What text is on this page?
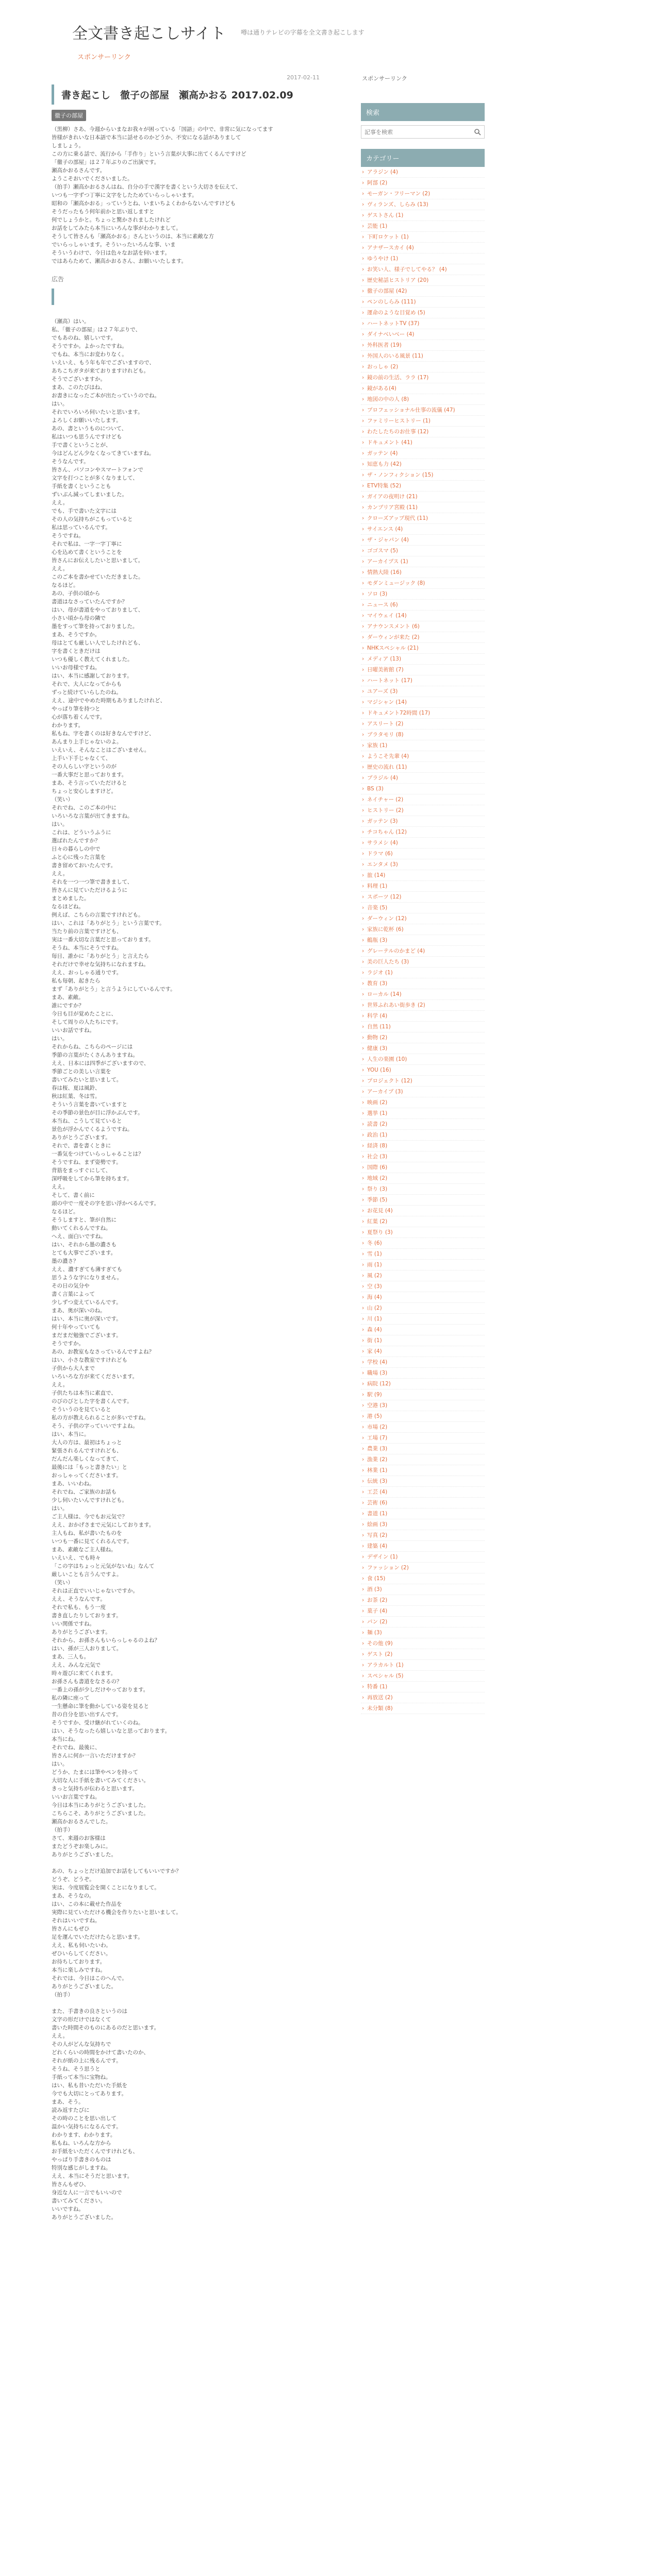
全文書き起こしサイト 噂は通りテレビの字幕を全文書き起こします
スポンサーリンク
2017-02-11
書き起こし　徹子の部屋　瀬高かおる 2017.02.09
徹子の部屋

（黒柳）さあ、今週からいまなお我々が困っている「国語」の中で、非常に気になってます

皆様がきれいな日本語で本当に話せるのかどうか、不安になる話がありまして

しましょう。

この方に乗る話で、流行から「手作り」という言葉が大事に出てくるんですけど

「徹子の部屋」は２７年ぶりのご出演です。

瀬高かおるさんです。

ようこそおいでくださいました。

（拍手）瀬高かおるさんはね、自分の手で漢字を書くという大切さを伝えて、

いつも一字ずつ丁寧に文字をしたためていらっしゃいます。

昭和の「瀬高かおる」っていうとね、いまいちよくわからないんですけども

そうだったもう何年前かと思い返しますと

何でしょうかと。ちょっと驚かされましたけれど

お話をしてみたら本当にいろんな事がわかりまして。

そうして皆さんも「瀬高かおる」さんというのは、本当に素敵な方

でいらっしゃいます。そういったいろんな事、いま

そういうわけで、今日は色々なお話を伺います。

ではあらためて、瀬高かおるさん、お願いいたします。

広告

（瀬高）はい。

私、「徹子の部屋」は２７年ぶりで、

でもあのね、嬉しいです。

そうですか。よかったですね。

でもね、本当にお変わりなく。

いえいえ、もう年も年でございますので、

あちこちガタが来ておりますけれども。

そうでございますか。

まあ、このたびはね、

お書きになったご本が出たっていうのでね。

はい。

それでいろいろ伺いたいと思います。

よろしくお願いいたします。

あの、書というものについて、

私はいつも思うんですけども

手で書くということが、

今はどんどん少なくなってきていますね。

そうなんです。

皆さん、パソコンやスマートフォンで

文字を打つことが多くなりまして、

手紙を書くということも

ずいぶん減ってしまいました。

ええ。

でも、手で書いた文字には

その人の気持ちがこもっていると

私は思っているんです。

そうですね。

それで私は、一字一字丁寧に

心を込めて書くということを

皆さんにお伝えしたいと思いまして。

ええ。

このご本を書かせていただきました。

なるほど。

あの、子供の頃から

書道はなさっていたんですか？

はい、母が書道をやっておりまして、

小さい頃から母の隣で

墨をすって筆を持っておりました。

まあ、そうですか。

母はとても厳しい人でしたけれども、

字を書くときだけは

いつも優しく教えてくれました。

いいお母様ですね。

はい、本当に感謝しております。

それで、大人になってからも

ずっと続けていらしたのね。

ええ、途中でやめた時期もありましたけれど、

やっぱり筆を持つと

心が落ち着くんです。

わかります。

私もね、字を書くのは好きなんですけど、

あんまり上手じゃないのよ。

いえいえ、そんなことはございません。

上手い下手じゃなくて、

その人らしい字というのが

一番大事だと思っております。

まあ、そう言っていただけると

ちょっと安心しますけど。

（笑い）

それでね、このご本の中に

いろいろな言葉が出てきますね。

はい。

これは、どういうふうに

選ばれたんですか？

日々の暮らしの中で

ふと心に残った言葉を

書き留めておいたんです。

ええ。

それを一つ一つ筆で書きまして、

皆さんに見ていただけるように

まとめました。

なるほどね。

例えば、こちらの言葉ですけれども。

はい、これは「ありがとう」という言葉です。

当たり前の言葉ですけども、

実は一番大切な言葉だと思っております。

そうね、本当にそうですね。

毎日、誰かに「ありがとう」と言えたら

それだけで幸せな気持ちになれますね。

ええ、おっしゃる通りです。

私も毎朝、起きたら

まず「ありがとう」と言うようにしているんです。

まあ、素敵。

誰にですか？

今日も目が覚めたことに、

そして周りの人たちにです。

いいお話ですね。

はい。

それからね、こちらのページには

季節の言葉がたくさんありますね。

ええ、日本には四季がございますので、

季節ごとの美しい言葉を

書いてみたいと思いまして。

春は桜、夏は風鈴、

秋は紅葉、冬は雪。

そういう言葉を書いていますと

その季節の景色が目に浮かぶんです。

本当ね、こうして見ていると

景色が浮かんでくるようですね。

ありがとうございます。

それで、書を書くときに

一番気をつけていらっしゃることは？

そうですね、まず姿勢です。

背筋をまっすぐにして、

深呼吸をしてから筆を持ちます。

ええ。

そして、書く前に

頭の中で一度その字を思い浮かべるんです。

なるほど。

そうしますと、筆が自然に

動いてくれるんですね。

へえ、面白いですね。

はい、それから墨の濃さも

とても大事でございます。

墨の濃さ？

ええ、濃すぎても薄すぎても

思うような字になりません。

その日の気分や

書く言葉によって

少しずつ変えているんです。

まあ、奥が深いのね。

はい、本当に奥が深いです。

何十年やっていても

まだまだ勉強でございます。

そうですか。

あの、お教室もなさっているんですよね？

はい、小さな教室ですけれども

子供から大人まで

いろいろな方が来てくださいます。

ええ。

子供たちは本当に素直で、

のびのびとした字を書くんです。

そういうのを見ていると

私の方が教えられることが多いですね。

そう、子供の字っていいですよね。

はい、本当に。

大人の方は、最初はちょっと

緊張されるんですけれども、

だんだん楽しくなってきて、

最後には「もっと書きたい」と

おっしゃってくださいます。

まあ、いいわね。

それでね、ご家族のお話も

少し伺いたいんですけれども。

はい。

ご主人様は、今でもお元気で？

ええ、おかげさまで元気にしております。

主人もね、私が書いたものを

いつも一番に見てくれるんです。

まあ、素敵なご主人様ね。

いえいえ、でも時々

「この字はちょっと元気がないね」なんて

厳しいことも言うんですよ。

（笑い）

それは正直でいいじゃないですか。

ええ、そうなんです。

それで私も、もう一度

書き直したりしております。

いい関係ですね。

ありがとうございます。

それから、お孫さんもいらっしゃるのよね？

はい、孫が三人おりまして。

まあ、三人も。

ええ、みんな元気で

時々遊びに来てくれます。

お孫さんも書道をなさるの？

一番上の孫が少しだけやっております。

私の隣に座って

一生懸命に筆を動かしている姿を見ると

昔の自分を思い出すんです。

そうですか、受け継がれていくのね。

はい、そうなったら嬉しいなと思っております。

本当にね。

それでね、最後に、

皆さんに何か一言いただけますか？

はい。

どうか、たまには筆やペンを持って

大切な人に手紙を書いてみてください。

きっと気持ちが伝わると思います。

いいお言葉ですね。

今日は本当にありがとうございました。

こちらこそ、ありがとうございました。

瀬高かおるさんでした。

（拍手）

さて、来週のお客様は

またどうぞお楽しみに。

ありがとうございました。

あの、ちょっとだけ追加でお話をしてもいいですか？

どうぞ、どうぞ。

実は、今度展覧会を開くことになりまして。

まあ、そうなの。

はい、この本に載せた作品を

実際に見ていただける機会を作りたいと思いまして。

それはいいですね。

皆さんにもぜひ

足を運んでいただけたらと思います。

ええ、私も伺いたいわ。

ぜひいらしてください。

お待ちしております。

本当に楽しみですね。

それでは、今日はこのへんで。

ありがとうございました。

（拍手）

また、手書きの良さというのは

文字の形だけではなくて

書いた時間そのものにあるのだと思います。

ええ。

その人がどんな気持ちで

どれくらいの時間をかけて書いたのか、

それが紙の上に残るんです。

そうね、そう思うと

手紙って本当に宝物ね。

はい、私も昔いただいた手紙を

今でも大切にとってあります。

まあ、そう。

読み返すたびに

その時のことを思い出して

温かい気持ちになるんです。

わかります、わかります。

私もね、いろんな方から

お手紙をいただくんですけれども、

やっぱり手書きのものは

特別な感じがしますね。

ええ、本当にそうだと思います。

皆さんもぜひ、

身近な人に一言でもいいので

書いてみてください。

いいですね。

ありがとうございました。

スポンサーリンク
検索
記事を検索
カテゴリー
› アラジン (4)
› 阿部 (2)
› モーガン・フリーマン (2)
› ヴィランズ、しらみ (13)
› ゲストさん (1)
› 芸能 (1)
› 下町ロケット (1)
› アナザースカイ (4)
› ゆうやけ (1)
› お笑い人、様子でしてやる？ (4)
› 歴史秘話ヒストリア (20)
› 徹子の部屋 (42)
› ペンのしらみ (111)
› 運命のような目覚め (5)
› ハートネットTV (37)
› ダイナべいべー (4)
› 外科医者 (19)
› 外国人のいる風景 (11)
› おっしゃ (2)
› 鏡の前の生活、ララ (17)
› 鏡がある(4)
› 地図の中の人 (8)
› プロフェッショナル仕事の流儀 (47)
› ファミリーヒストリー (1)
› わたしたちのお仕事 (12)
› ドキュメント (41)
› ガッテン (4)
› 知恵も力 (42)
› ザ・ノンフィクション (15)
› ETV特集 (52)
› ガイアの夜明け (21)
› カンブリア宮殿 (11)
› クローズアップ現代 (11)
› サイエンス (4)
› ザ・ジャパン (4)
› ゴゴスマ (5)
› アーカイブス (1)
› 情熱大陸 (16)
› モダンミュージック (8)
› ソロ (3)
› ニュース (6)
› マイウェイ (14)
› アナウンスメント (6)
› ダーウィンが来た (2)
› NHKスペシャル (21)
› メディア (13)
› 日曜美術館 (7)
› ハートネット (17)
› ユアーズ (3)
› マジシャン (14)
› ドキュメント72時間 (17)
› アスリート (2)
› ブラタモリ (8)
› 家族 (1)
› ようこそ先輩 (4)
› 歴史の流れ (11)
› ブラジル (4)
› BS (3)
› ネイチャー (2)
› ヒストリー (2)
› ガッテン (3)
› チコちゃん (12)
› サラメシ (4)
› ドラマ (6)
› エンタメ (3)
› 旅 (14)
› 料理 (1)
› スポーツ (12)
› 音楽 (5)
› ダーウィン (12)
› 家族に乾杯 (6)
› 鶴瓶 (3)
› グレーテルのかまど (4)
› 美の巨人たち (3)
› ラジオ (1)
› 教育 (3)
› ローカル (14)
› 世界ふれあい街歩き (2)
› 科学 (4)
› 自然 (11)
› 動物 (2)
› 健康 (3)
› 人生の楽園 (10)
› YOU (16)
› プロジェクト (12)
› アーカイブ (3)
› 映画 (2)
› 選挙 (1)
› 読書 (2)
› 政治 (1)
› 経済 (8)
› 社会 (3)
› 国際 (6)
› 地域 (2)
› 祭り (3)
› 季節 (5)
› お花見 (4)
› 紅葉 (2)
› 夏祭り (3)
› 冬 (6)
› 雪 (1)
› 雨 (1)
› 風 (2)
› 空 (3)
› 海 (4)
› 山 (2)
› 川 (1)
› 森 (4)
› 街 (1)
› 家 (4)
› 学校 (4)
› 職場 (3)
› 病院 (12)
› 駅 (9)
› 空港 (3)
› 港 (5)
› 市場 (2)
› 工場 (7)
› 農業 (3)
› 漁業 (2)
› 林業 (1)
› 伝統 (3)
› 工芸 (4)
› 芸術 (6)
› 書道 (1)
› 絵画 (3)
› 写真 (2)
› 建築 (4)
› デザイン (1)
› ファッション (2)
› 食 (15)
› 酒 (3)
› お茶 (2)
› 菓子 (4)
› パン (2)
› 麺 (3)
› その他 (9)
› ゲスト (2)
› アラカルト (1)
› スペシャル (5)
› 特番 (1)
› 再放送 (2)
› 未分類 (8)
